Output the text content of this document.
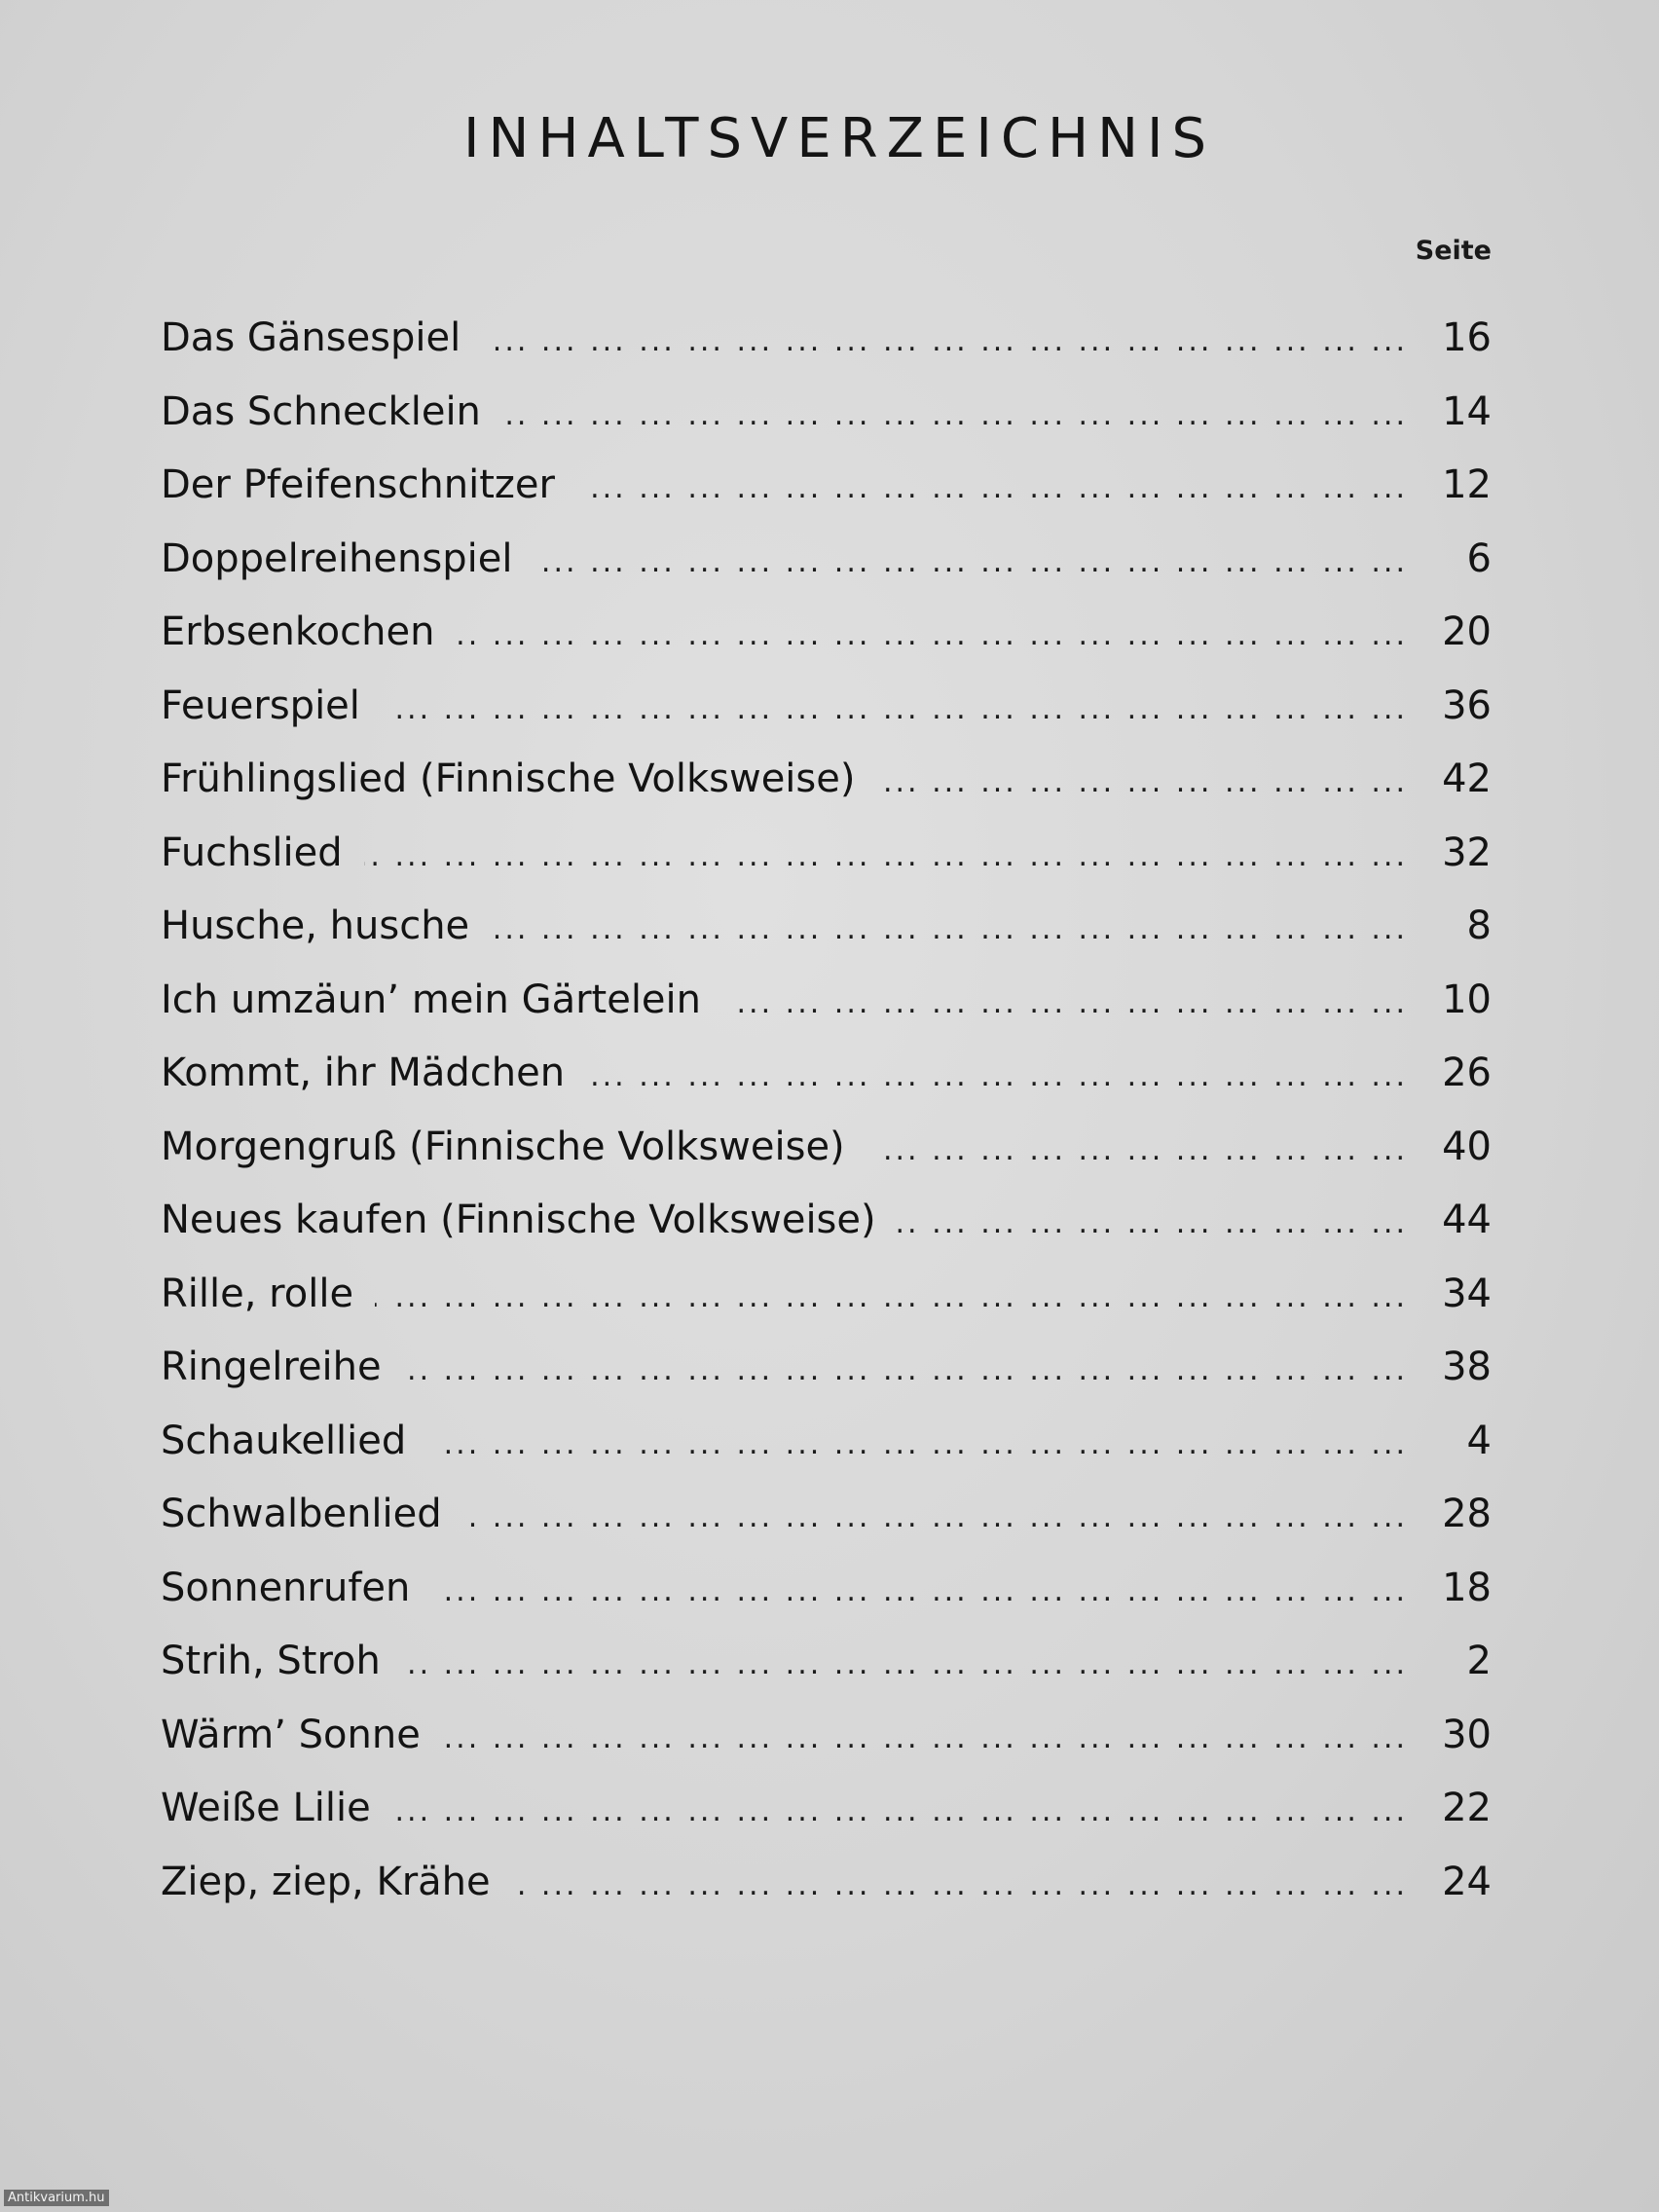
INHALTSVERZEICHNIS
Seite
Das Gänsespiel ... .	16
Das Schnecklein ... .	14
Der Pfeifenschnitzer ... .	12
Doppelreihenspiel ... .	6
Erbsenkochen ... .	20
Feuerspiel ... .	36
Frühlingslied (Finnische Volksweise) ... .	42
Fuchslied ... .	32
Husche, husche ... .	8
Ich umzäun’ mein Gärtelein ... .	10
Kommt, ihr Mädchen ... .	26
Morgengruß (Finnische Volksweise) ... .	40
Neues kaufen (Finnische Volksweise) ... .	44
Rille, rolle ... .	34
Ringelreihe ... .	38
Schaukellied ... .	4
Schwalbenlied ... .	28
Sonnenrufen ... .	18
Strih, Stroh ... .	2
Wärm’ Sonne ... .	30
Weiße Lilie ... .	22
Ziep, ziep, Krähe ... .	24
Antikvarium.hu
